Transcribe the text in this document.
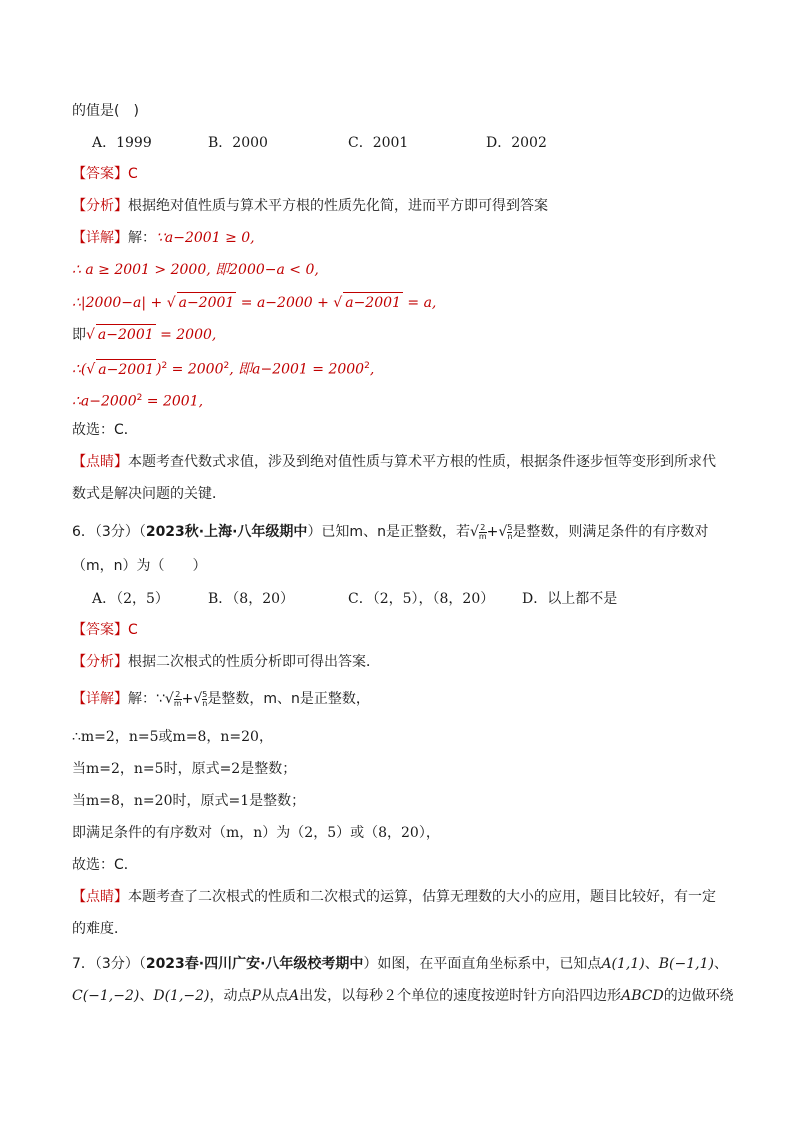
的值是(　)
A．1999	B．2000	C．2001	D．2002
【答案】C
【分析】根据绝对值性质与算术平方根的性质先化简，进而平方即可得到答案
【详解】解：∵a−2001 ≥ 0,
∴ a ≥ 2001 > 2000, 即2000−a < 0,
∴|2000−a| + √ a−2001 = a−2000 + √ a−2001 = a,
即√ a−2001 = 2000,
∴(√ a−2001 )$^2 = 2000^2$, 即$a-2001 = 2000^2$,
$\therefore a-2000^2 = 2001$,
故选：C．
【点睛】本题考查代数式求值，涉及到绝对值性质与算术平方根的性质，根据条件逐步恒等变形到所求代
数式是解决问题的关键．
6．（3分）（2023秋·上海·八年级期中）已知m、n是正整数，若√ $\frac{2}{m}$ +√ $\frac{5}{n}$ 是整数，则满足条件的有序数对
（m，n）为（　　）
A．（2，5）	B．（8，20）	C．（2，5），（8，20） D．以上都不是
【答案】C
【分析】根据二次根式的性质分析即可得出答案．
【详解】解：∵√ $\frac{2}{m}$ +√ $\frac{5}{n}$ 是整数，m、n是正整数，
∴m=2，n=5或m=8，n=20，
当m=2，n=5时，原式=2是整数；
当m=8，n=20时，原式=1是整数；
即满足条件的有序数对（m，n）为（2，5）或（8，20），
故选：C．
【点睛】本题考查了二次根式的性质和二次根式的运算，估算无理数的大小的应用，题目比较好，有一定
的难度．
7．（3分）（2023春·四川广安·八年级校考期中）如图，在平面直角坐标系中，已知点A(1,1)、B(−1,1)、
C(−1,−2)、D(1,−2)，动点P从点A出发，以每秒２个单位的速度按逆时针方向沿四边形ABCD的边做环绕
